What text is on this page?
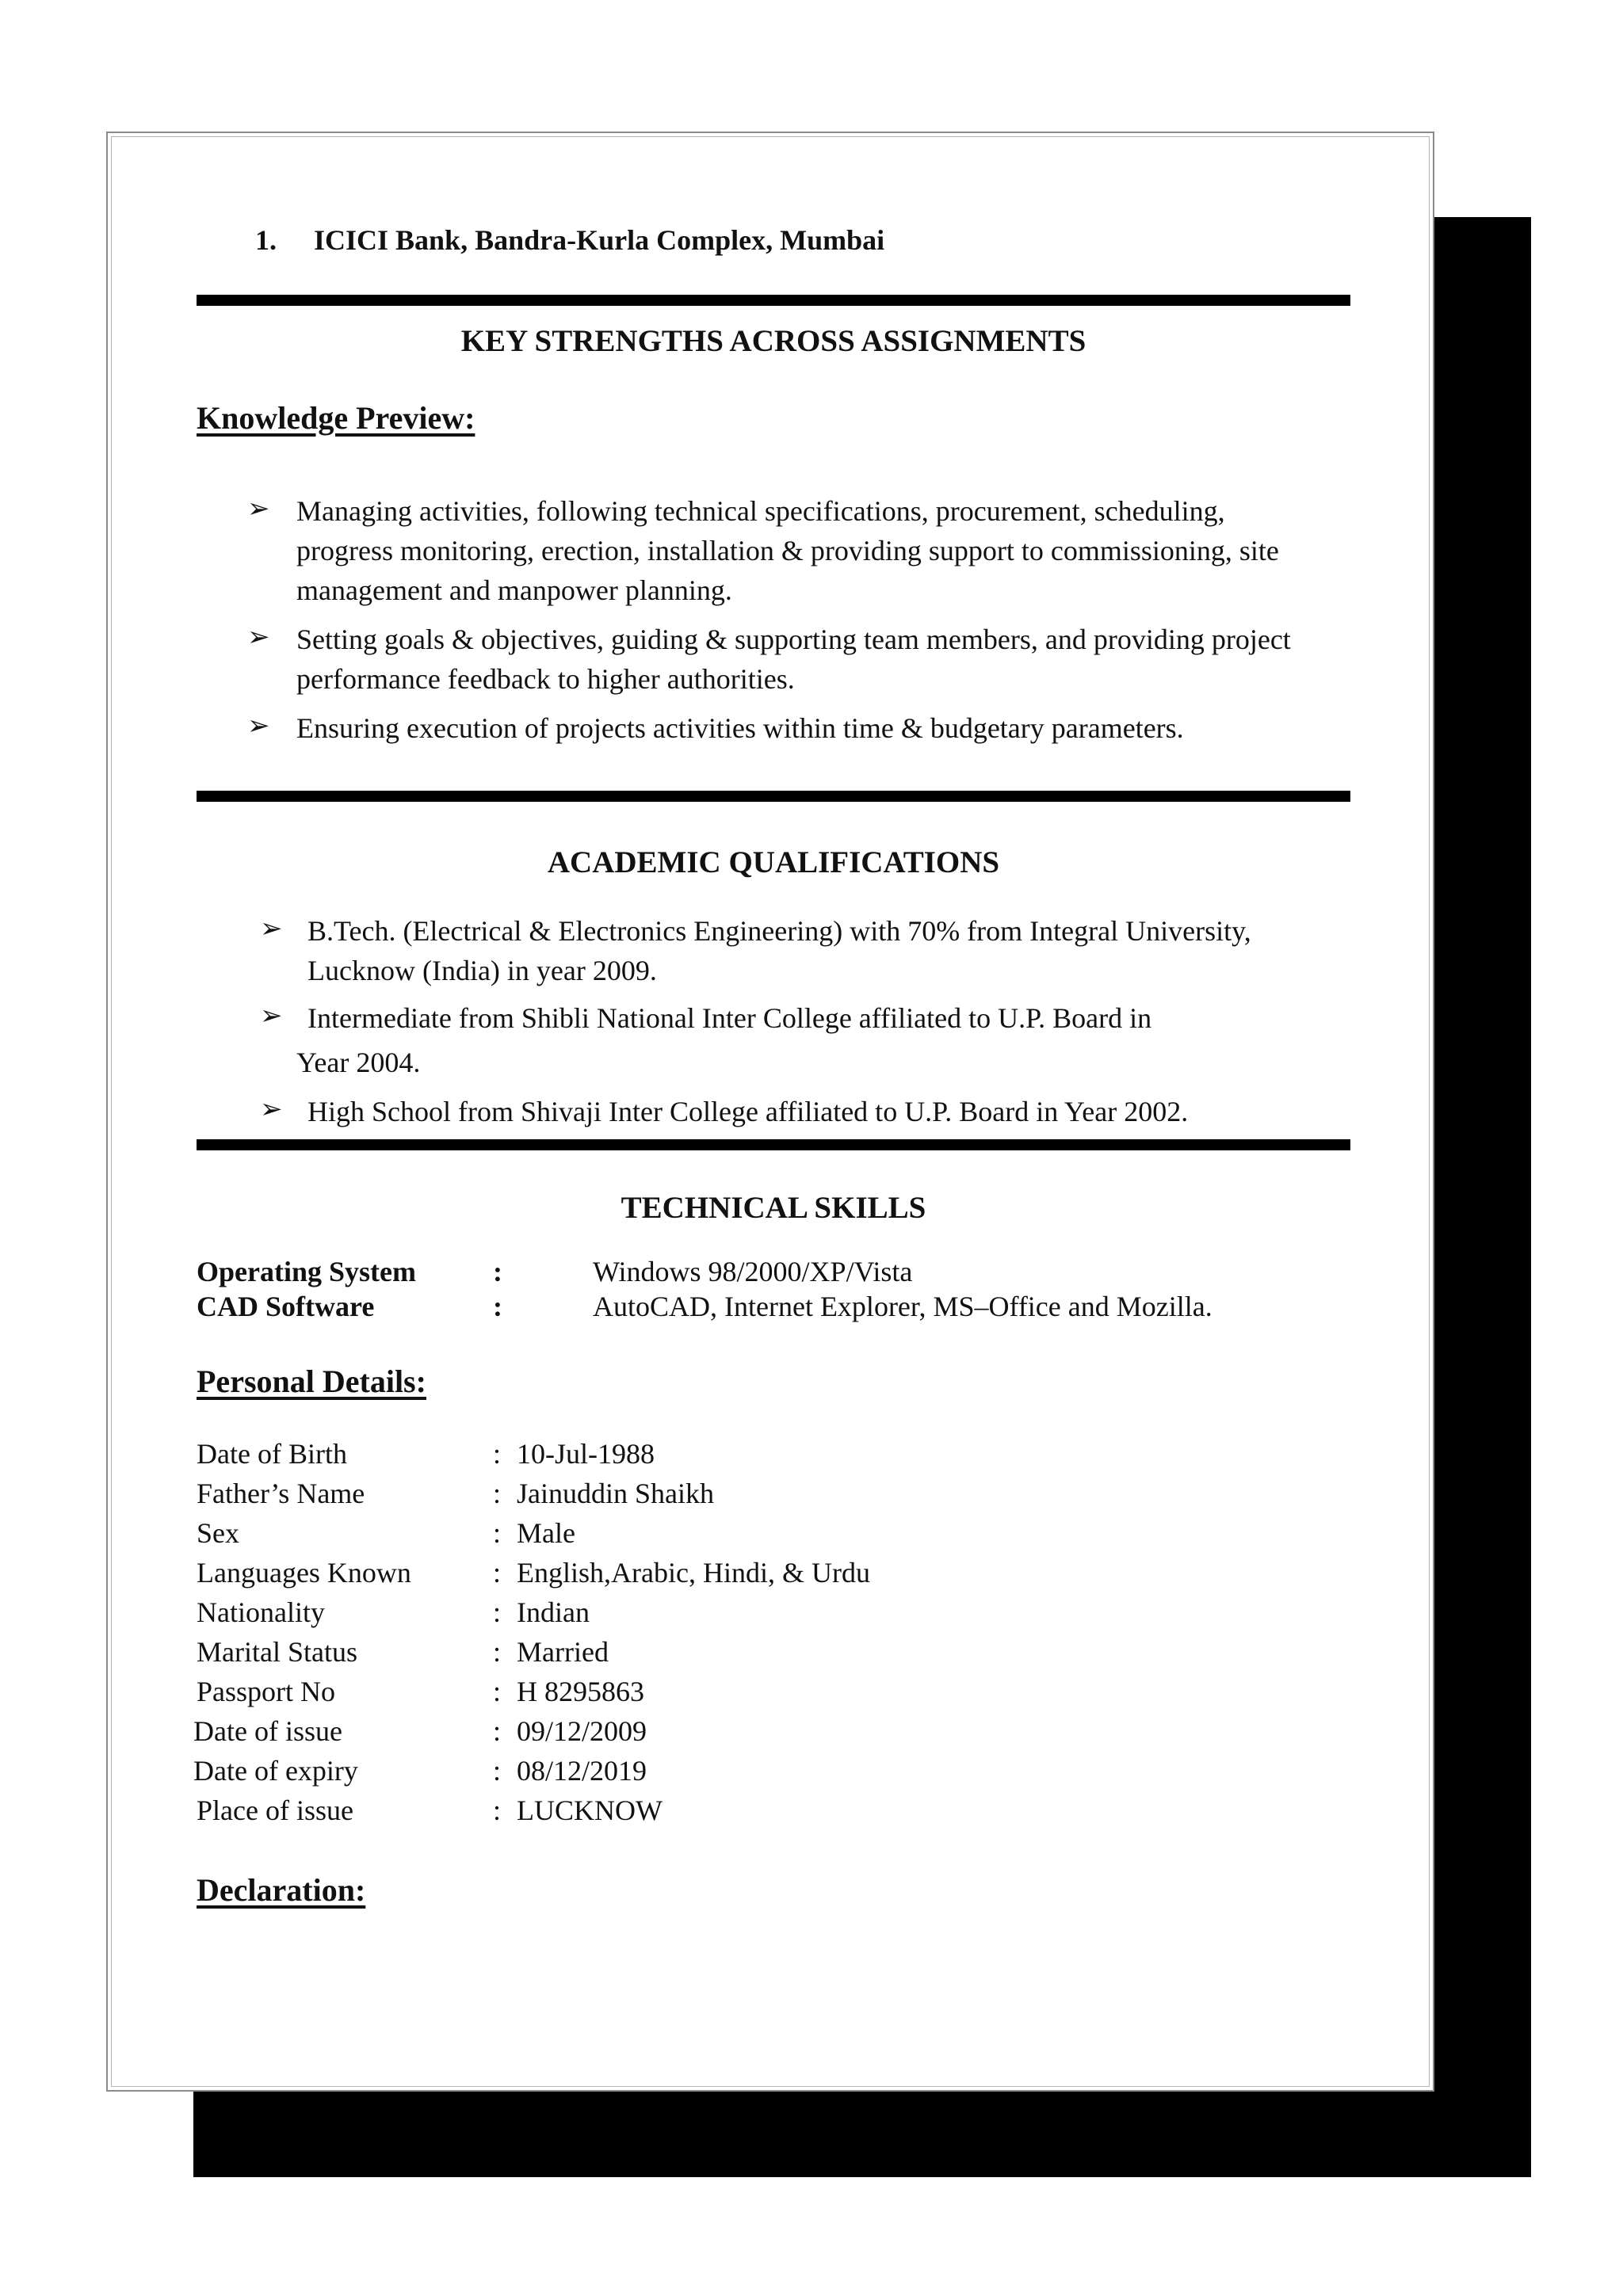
1. ICICI Bank, Bandra-Kurla Complex, Mumbai
KEY STRENGTHS ACROSS ASSIGNMENTS
Knowledge Preview:
➢ Managing activities, following technical specifications, procurement, scheduling,
progress monitoring, erection, installation & providing support to commissioning, site
management and manpower planning.
➢ Setting goals & objectives, guiding & supporting team members, and providing project
performance feedback to higher authorities.
➢ Ensuring execution of projects activities within time & budgetary parameters.
ACADEMIC QUALIFICATIONS
➢ B.Tech. (Electrical & Electronics Engineering) with 70% from Integral University,
Lucknow (India) in year 2009.
➢ Intermediate from Shibli National Inter College affiliated to U.P. Board in
Year 2004.
➢ High School from Shivaji Inter College affiliated to U.P. Board in Year 2002.
TECHNICAL SKILLS
Operating System	:	Windows 98/2000/XP/Vista
CAD Software	:	AutoCAD, Internet Explorer, MS–Office and Mozilla.
Personal Details:
Date of Birth	: 10-Jul-1988
Father’s Name	: Jainuddin Shaikh
Sex	: Male
Languages Known	: English,Arabic, Hindi, & Urdu
Nationality	: Indian
Marital Status	: Married
Passport No	: H 8295863
Date of issue	: 09/12/2009
Date of expiry	: 08/12/2019
Place of issue	: LUCKNOW
Declaration:
